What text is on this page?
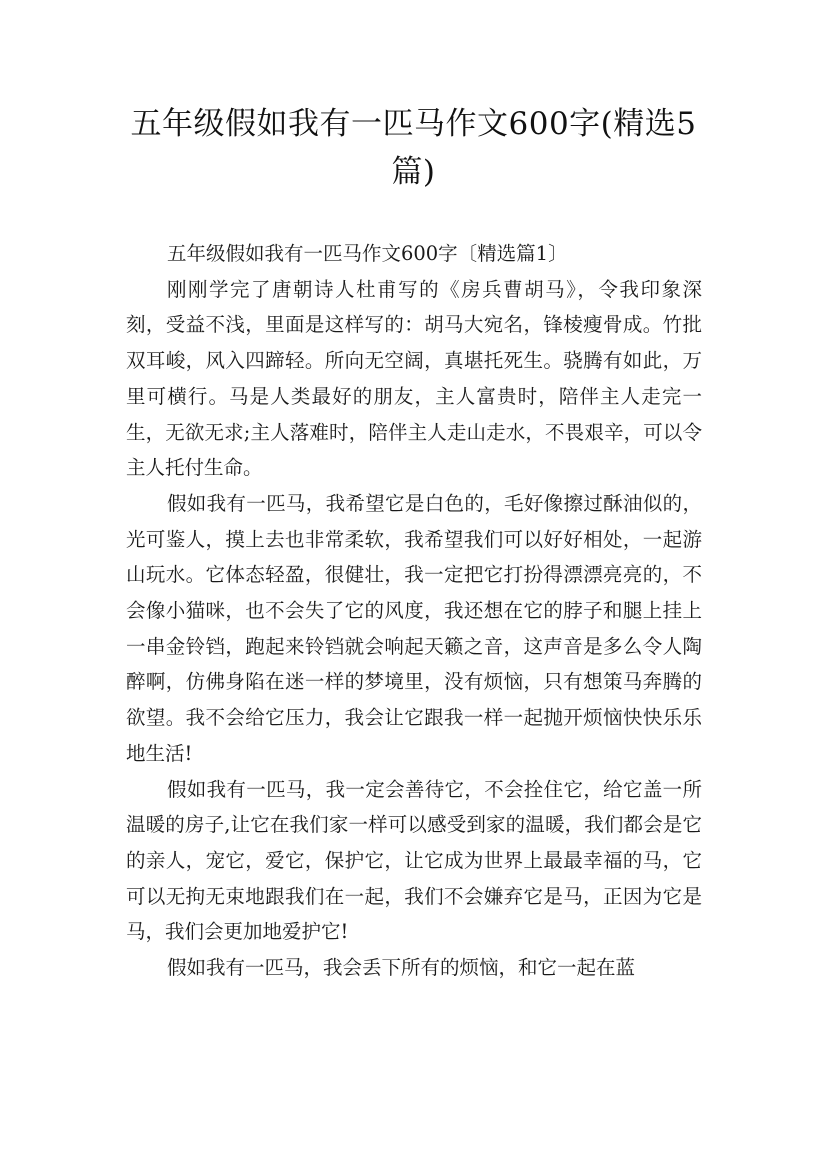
五年级假如我有一匹马作文600字(精选5篇)

五年级假如我有一匹马作文600字〔精选篇1〕

刚刚学完了唐朝诗人杜甫写的《房兵曹胡马》，令我印象深刻，受益不浅，里面是这样写的：胡马大宛名，锋棱瘦骨成。竹批双耳峻，风入四蹄轻。所向无空阔，真堪托死生。骁腾有如此，万里可横行。马是人类最好的朋友，主人富贵时，陪伴主人走完一生，无欲无求;主人落难时，陪伴主人走山走水，不畏艰辛，可以令主人托付生命。

假如我有一匹马，我希望它是白色的，毛好像擦过酥油似的，光可鉴人，摸上去也非常柔软，我希望我们可以好好相处，一起游山玩水。它体态轻盈，很健壮，我一定把它打扮得漂漂亮亮的，不会像小猫咪，也不会失了它的风度，我还想在它的脖子和腿上挂上一串金铃铛，跑起来铃铛就会响起天籁之音，这声音是多么令人陶醉啊，仿佛身陷在迷一样的梦境里，没有烦恼，只有想策马奔腾的欲望。我不会给它压力，我会让它跟我一样一起抛开烦恼快快乐乐地生活!

假如我有一匹马，我一定会善待它，不会拴住它，给它盖一所温暖的房子,让它在我们家一样可以感受到家的温暖，我们都会是它的亲人，宠它，爱它，保护它，让它成为世界上最最幸福的马，它可以无拘无束地跟我们在一起，我们不会嫌弃它是马，正因为它是马，我们会更加地爱护它!

假如我有一匹马，我会丢下所有的烦恼，和它一起在蓝
